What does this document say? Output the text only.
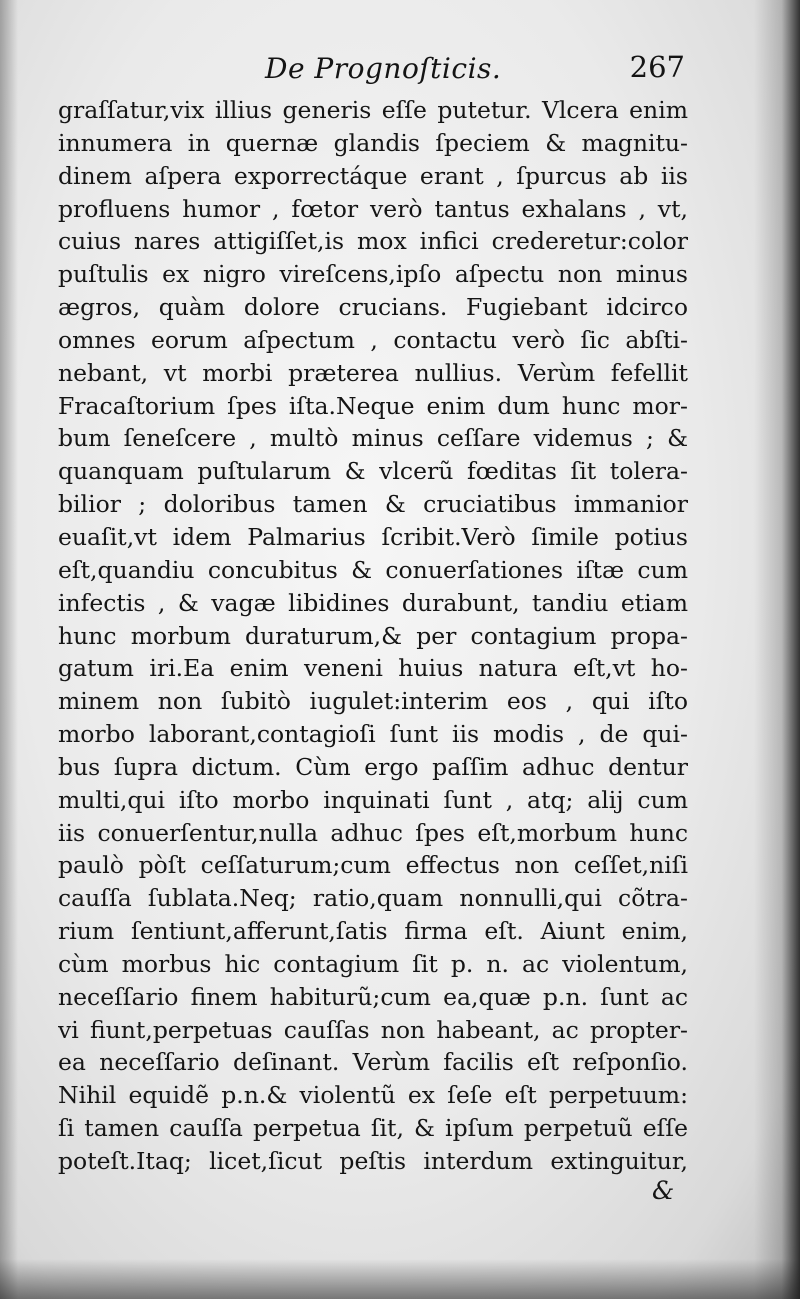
De Prognoſticis.	267
graſſatur,vix illius generis eſſe putetur. Vlcera enim
innumera in quernæ glandis ſpeciem & magnitu-
dinem aſpera exporrectáque erant , ſpurcus ab iis
profluens humor , fœtor verò tantus exhalans , vt,
cuius nares attigiſſet,is mox infici crederetur:color
puſtulis ex nigro vireſcens,ipſo aſpectu non minus
ægros, quàm dolore crucians. Fugiebant idcirco
omnes eorum aſpectum , contactu verò ſic abſti-
nebant, vt morbi præterea nullius. Verùm fefellit
Fracaſtorium ſpes iſta.Neque enim dum hunc mor-
bum ſeneſcere , multò minus ceſſare videmus ; &
quanquam puſtularum & vlcerũ fœditas ſit tolera-
bilior ; doloribus tamen & cruciatibus immanior
euaſit,vt idem Palmarius ſcribit.Verò ſimile potius
eſt,quandiu concubitus & conuerſationes iſtæ cum
infectis , & vagæ libidines durabunt, tandiu etiam
hunc morbum duraturum,& per contagium propa-
gatum iri.Ea enim veneni huius natura eſt,vt ho-
minem non ſubitò iugulet:interim eos , qui iſto
morbo laborant,contagioſi ſunt iis modis , de qui-
bus ſupra dictum. Cùm ergo paſſim adhuc dentur
multi,qui iſto morbo inquinati ſunt , atq; alij cum
iis conuerſentur,nulla adhuc ſpes eſt,morbum hunc
paulò pòſt ceſſaturum;cum effectus non ceſſet,niſi
cauſſa ſublata.Neq; ratio,quam nonnulli,qui cõtra-
rium ſentiunt,afferunt,ſatis firma eſt. Aiunt enim,
cùm morbus hic contagium ſit p. n. ac violentum,
neceſſario finem habiturũ;cum ea,quæ p.n. ſunt ac
vi fiunt,perpetuas cauſſas non habeant, ac propter-
ea neceſſario deſinant. Verùm facilis eſt reſponſio.
Nihil equidẽ p.n.& violentũ ex ſeſe eſt perpetuum:
ſi tamen cauſſa perpetua ſit, & ipſum perpetuũ eſſe
poteſt.Itaq; licet,ſicut peſtis interdum extinguitur,
&
